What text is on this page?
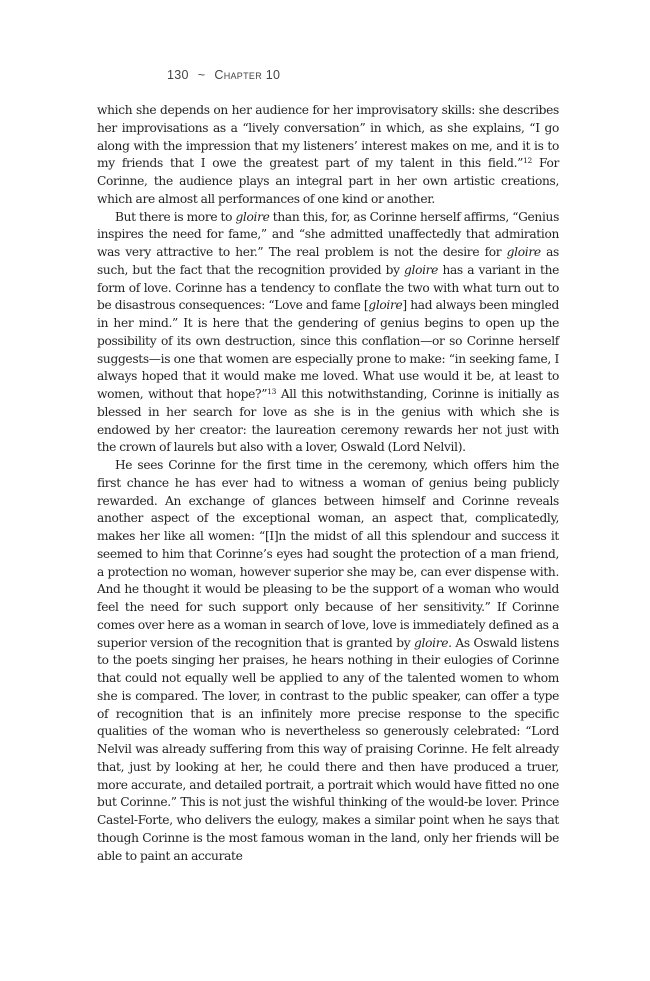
130 ~ Chapter 10

which she depends on her audience for her improvisatory skills: she describes her improvisations as a “lively conversation” in which, as she explains, “I go along with the impression that my listeners’ interest makes on me, and it is to my friends that I owe the greatest part of my talent in this field.”$^{12}$ For Corinne, the audience plays an integral part in her own artistic creations, which are almost all performances of one kind or another.

But there is more to gloire than this, for, as Corinne herself affirms, “Genius inspires the need for fame,” and “she admitted unaffectedly that admiration was very attractive to her.” The real problem is not the desire for gloire as such, but the fact that the recognition provided by gloire has a variant in the form of love. Corinne has a tendency to conflate the two with what turn out to be disastrous consequences: “Love and fame [gloire] had always been mingled in her mind.” It is here that the gendering of genius begins to open up the possibility of its own destruction, since this conflation—or so Corinne herself suggests—is one that women are especially prone to make: “in seeking fame, I always hoped that it would make me loved. What use would it be, at least to women, without that hope?”$^{13}$ All this notwithstanding, Corinne is initially as blessed in her search for love as she is in the genius with which she is endowed by her creator: the laureation ceremony rewards her not just with the crown of laurels but also with a lover, Oswald (Lord Nelvil).

He sees Corinne for the first time in the ceremony, which offers him the first chance he has ever had to witness a woman of genius being publicly rewarded. An exchange of glances between himself and Corinne reveals another aspect of the exceptional woman, an aspect that, complicatedly, makes her like all women: “[I]n the midst of all this splendour and success it seemed to him that Corinne’s eyes had sought the protection of a man friend, a protection no woman, however superior she may be, can ever dispense with. And he thought it would be pleasing to be the support of a woman who would feel the need for such support only because of her sensitivity.” If Corinne comes over here as a woman in search of love, love is immediately defined as a superior version of the recognition that is granted by gloire. As Oswald listens to the poets singing her praises, he hears nothing in their eulogies of Corinne that could not equally well be applied to any of the talented women to whom she is compared. The lover, in contrast to the public speaker, can offer a type of recognition that is an infinitely more precise response to the specific qualities of the woman who is nevertheless so generously celebrated: “Lord Nelvil was already suffering from this way of praising Corinne. He felt already that, just by looking at her, he could there and then have produced a truer, more accurate, and detailed portrait, a portrait which would have fitted no one but Corinne.” This is not just the wishful thinking of the would-be lover. Prince Castel-Forte, who delivers the eulogy, makes a similar point when he says that though Corinne is the most famous woman in the land, only her friends will be able to paint an accurate
